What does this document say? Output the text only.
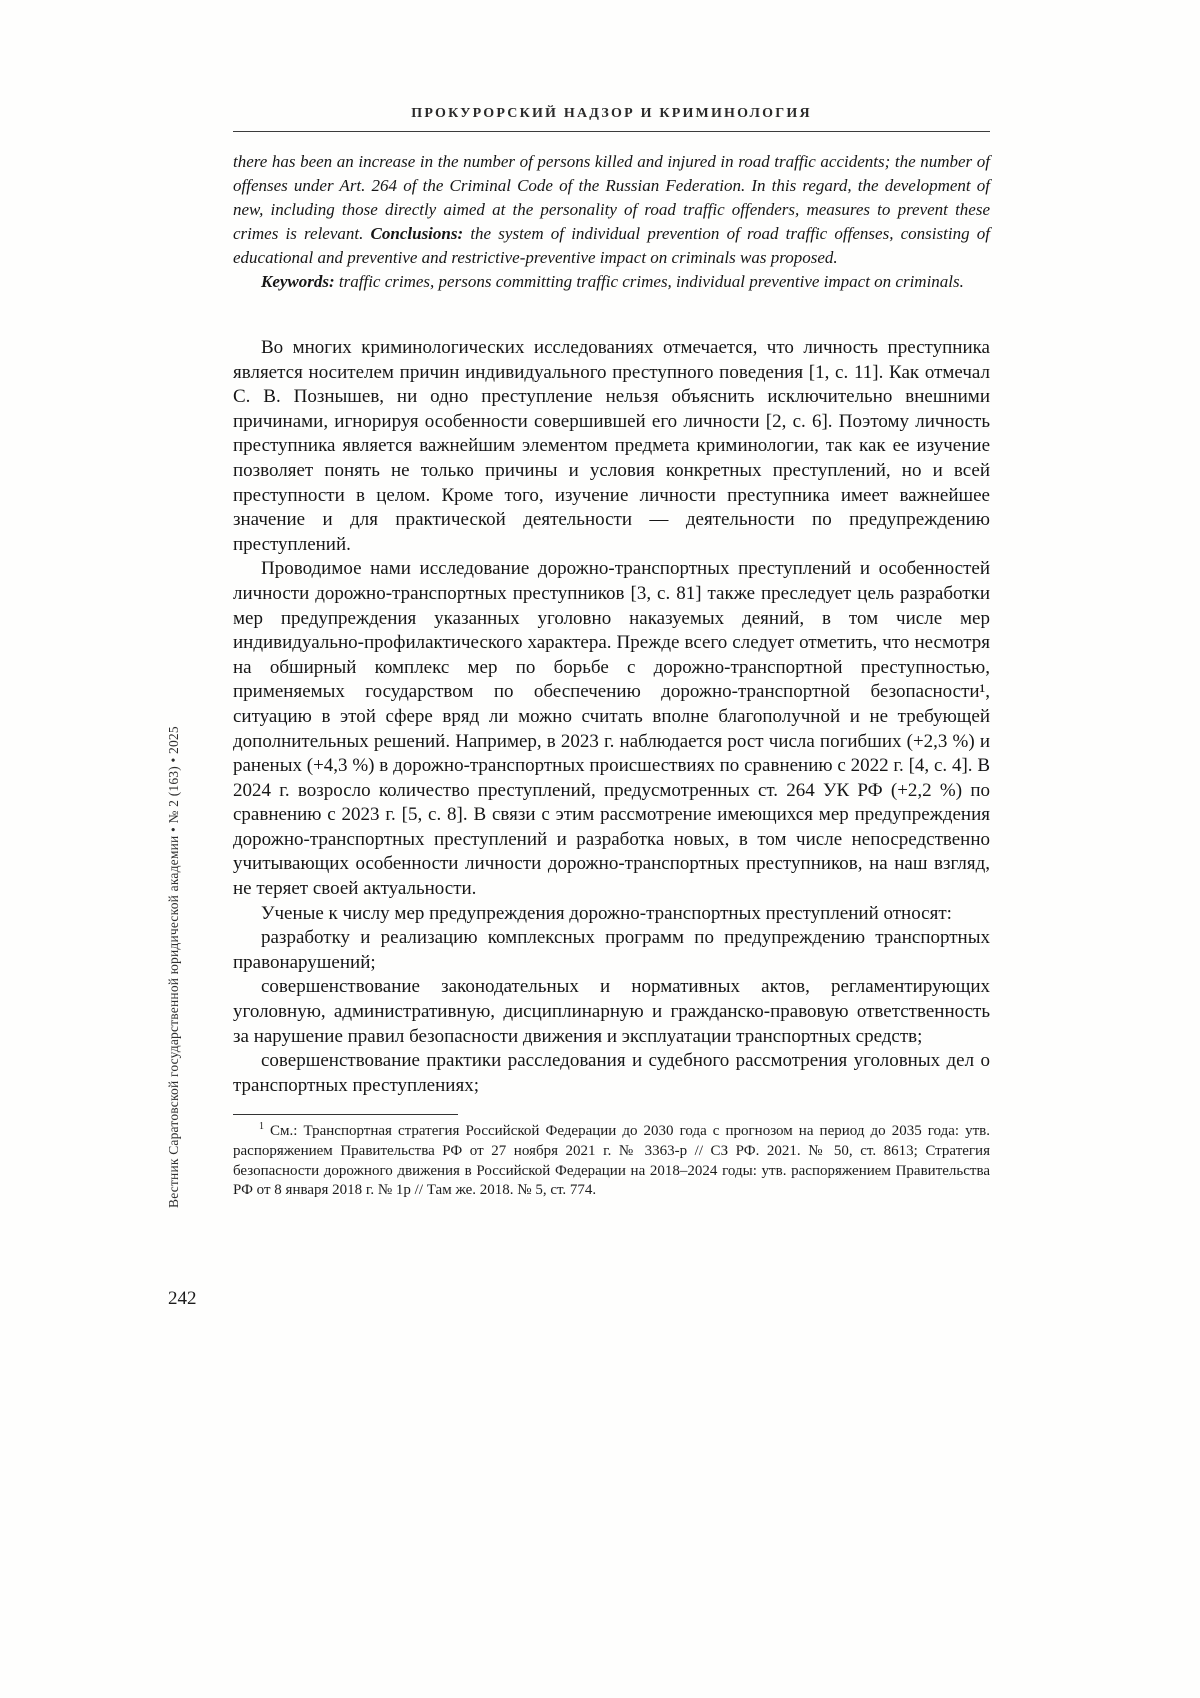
ПРОКУРОРСКИЙ НАДЗОР И КРИМИНОЛОГИЯ

there has been an increase in the number of persons killed and injured in road traffic accidents; the number of offenses under Art. 264 of the Criminal Code of the Russian Federation. In this regard, the development of new, including those directly aimed at the personality of road traffic offenders, measures to prevent these crimes is relevant. Conclusions: the system of individual prevention of road traffic offenses, consisting of educational and preventive and restrictive-preventive impact on criminals was proposed.

Keywords: traffic crimes, persons committing traffic crimes, individual preventive impact on criminals.

Во многих криминологических исследованиях отмечается, что личность преступника является носителем причин индивидуального преступного поведения [1, с. 11]. Как отмечал С. В. Познышев, ни одно преступление нельзя объяснить исключительно внешними причинами, игнорируя особенности совершившей его личности [2, с. 6]. Поэтому личность преступника является важнейшим элементом предмета криминологии, так как ее изучение позволяет понять не только причины и условия конкретных преступлений, но и всей преступности в целом. Кроме того, изучение личности преступника имеет важнейшее значение и для практической деятельности — деятельности по предупреждению преступлений.

Проводимое нами исследование дорожно-транспортных преступлений и особенностей личности дорожно-транспортных преступников [3, с. 81] также преследует цель разработки мер предупреждения указанных уголовно наказуемых деяний, в том числе мер индивидуально-профилактического характера. Прежде всего следует отметить, что несмотря на обширный комплекс мер по борьбе с дорожно-транспортной преступностью, применяемых государством по обеспечению дорожно-транспортной безопасности¹, ситуацию в этой сфере вряд ли можно считать вполне благополучной и не требующей дополнительных решений. Например, в 2023 г. наблюдается рост числа погибших (+2,3 %) и раненых (+4,3 %) в дорожно-транспортных происшествиях по сравнению с 2022 г. [4, с. 4]. В 2024 г. возросло количество преступлений, предусмотренных ст. 264 УК РФ (+2,2 %) по сравнению с 2023 г. [5, с. 8]. В связи с этим рассмотрение имеющихся мер предупреждения дорожно-транспортных преступлений и разработка новых, в том числе непосредственно учитывающих особенности личности дорожно-транспортных преступников, на наш взгляд, не теряет своей актуальности.

Ученые к числу мер предупреждения дорожно-транспортных преступлений относят:

разработку и реализацию комплексных программ по предупреждению транспортных правонарушений;

совершенствование законодательных и нормативных актов, регламентирующих уголовную, административную, дисциплинарную и гражданско-правовую ответственность за нарушение правил безопасности движения и эксплуатации транспортных средств;

совершенствование практики расследования и судебного рассмотрения уголовных дел о транспортных преступлениях;

$^1$ См.: Транспортная стратегия Российской Федерации до 2030 года с прогнозом на период до 2035 года: утв. распоряжением Правительства РФ от 27 ноября 2021 г. № 3363-р // СЗ РФ. 2021. № 50, ст. 8613; Стратегия безопасности дорожного движения в Российской Федерации на 2018–2024 годы: утв. распоряжением Правительства РФ от 8 января 2018 г. № 1р // Там же. 2018. № 5, ст. 774.

Вестник Саратовской государственной юридической академии • № 2 (163) • 2025
242
